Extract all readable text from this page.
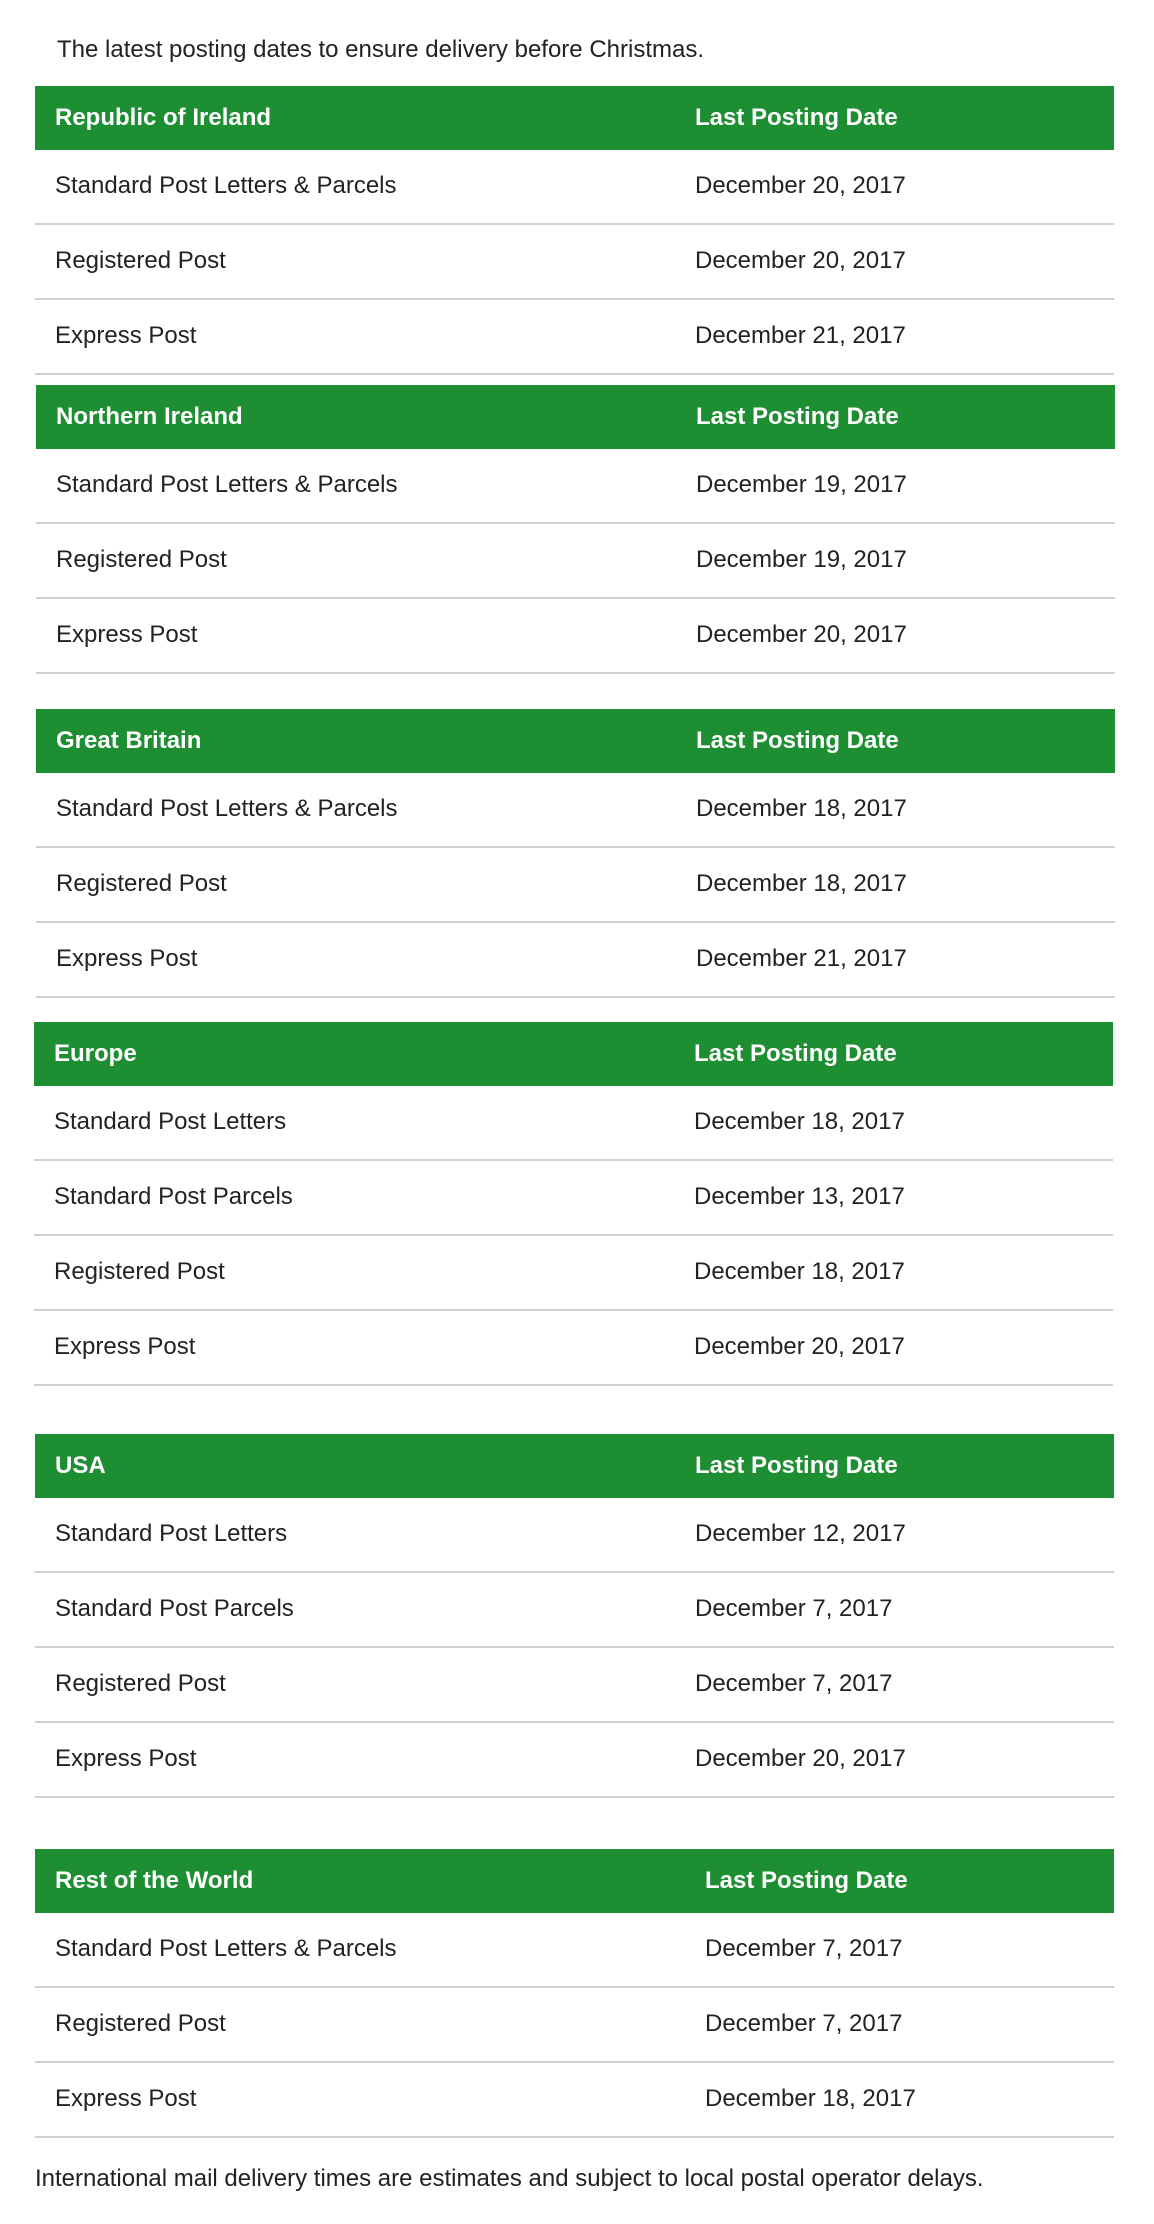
The latest posting dates to ensure delivery before Christmas.

Republic of Ireland	Last Posting Date
Standard Post Letters & Parcels	December 20, 2017
Registered Post	December 20, 2017
Express Post	December 21, 2017
Northern Ireland	Last Posting Date
Standard Post Letters & Parcels	December 19, 2017
Registered Post	December 19, 2017
Express Post	December 20, 2017
Great Britain	Last Posting Date
Standard Post Letters & Parcels	December 18, 2017
Registered Post	December 18, 2017
Express Post	December 21, 2017
Europe	Last Posting Date
Standard Post Letters	December 18, 2017
Standard Post Parcels	December 13, 2017
Registered Post	December 18, 2017
Express Post	December 20, 2017
USA	Last Posting Date
Standard Post Letters	December 12, 2017
Standard Post Parcels	December 7, 2017
Registered Post	December 7, 2017
Express Post	December 20, 2017
Rest of the World	Last Posting Date
Standard Post Letters & Parcels	December 7, 2017
Registered Post	December 7, 2017
Express Post	December 18, 2017

International mail delivery times are estimates and subject to local postal operator delays.
